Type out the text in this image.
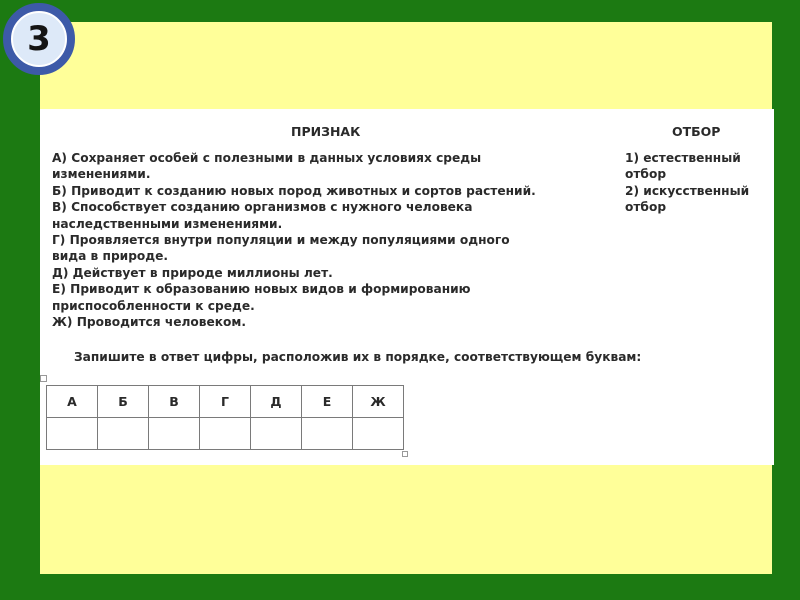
3
ПРИЗНАК	ОТБОР
А) Сохраняет особей с полезными в данных условиях среды
изменениями.
Б) Приводит к созданию новых пород животных и сортов растений.
В) Способствует созданию организмов с нужного человека
наследственными изменениями.
Г) Проявляется внутри популяции и между популяциями одного
вида в природе.
Д) Действует в природе миллионы лет.
Е) Приводит к образованию новых видов и формированию
приспособленности к среде.
Ж) Проводится человеком.
1) естественный
отбор
2) искусственный
отбор
Запишите в ответ цифры, расположив их в порядке, соответствующем буквам:
А	Б	В	Г	Д	Е	Ж
